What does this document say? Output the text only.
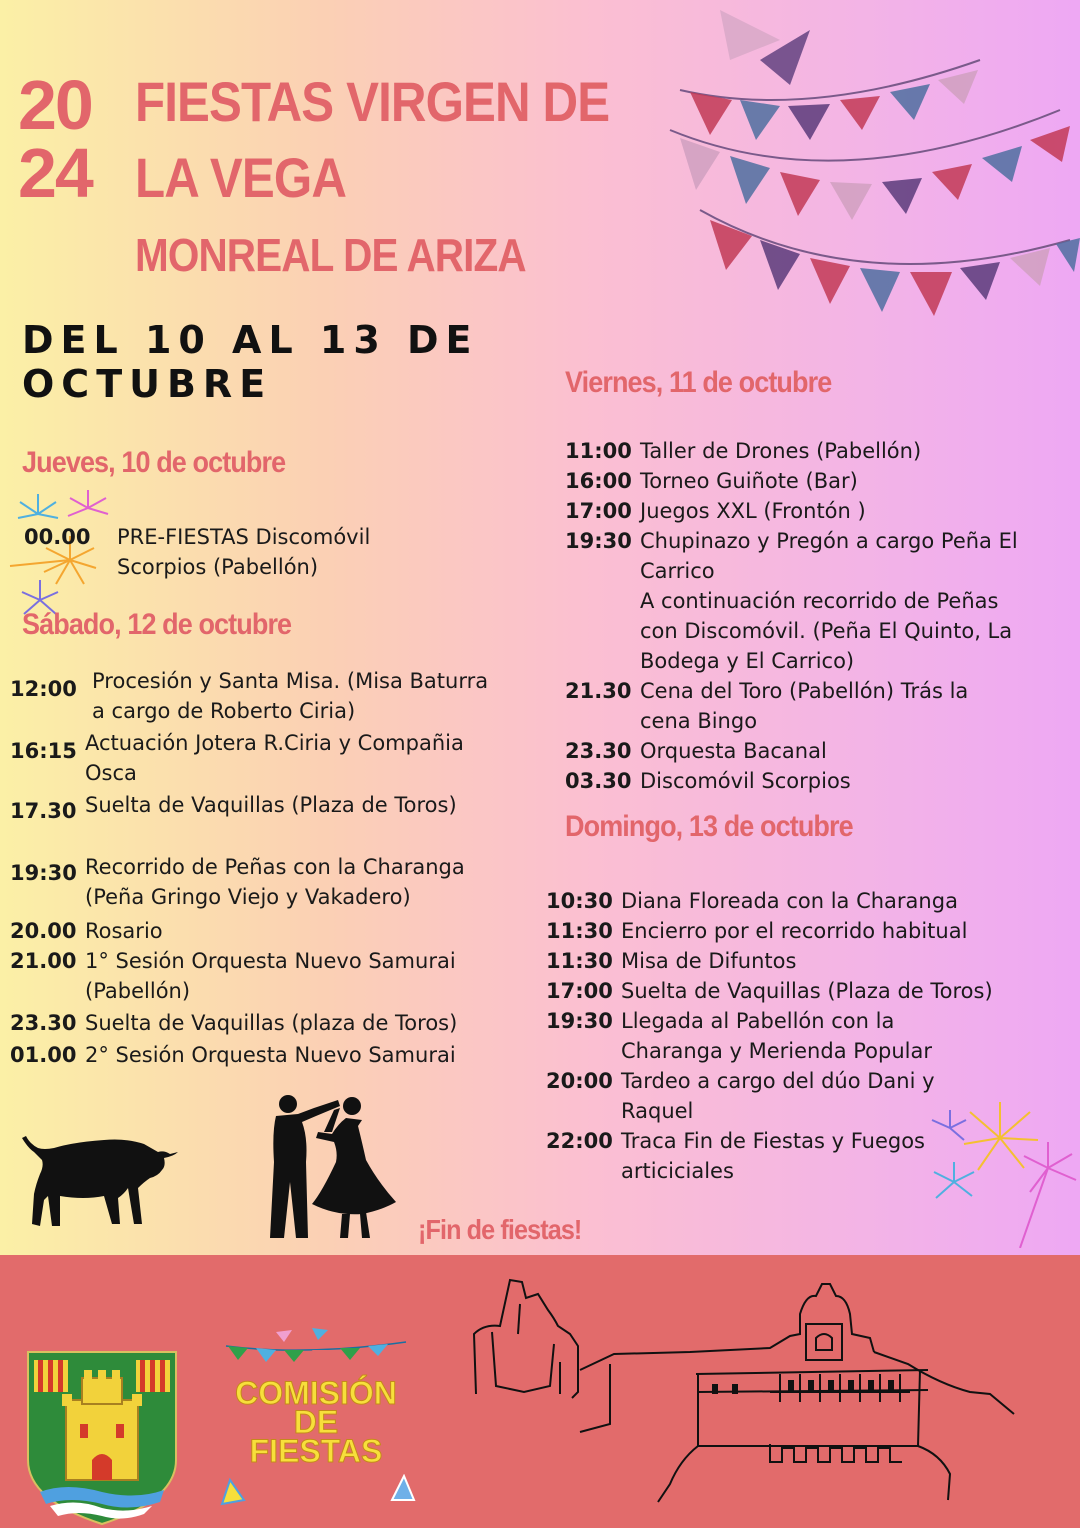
20
24
FIESTAS VIRGEN DE
LA VEGA
MONREAL DE ARIZA
DEL 10 AL 13 DE
OCTUBRE
Jueves, 10 de octubre
00.00	PRE-FIESTAS Discomóvil
Scorpios (Pabellón)
Sábado, 12 de octubre
12:00 Procesión y Santa Misa. (Misa Baturra
a cargo de Roberto Ciria)
16:15 Actuación Jotera R.Ciria y Compañia
Osca
17.30 Suelta de Vaquillas (Plaza de Toros)
19:30 Recorrido de Peñas con la Charanga
(Peña Gringo Viejo y Vakadero)
20.00 Rosario
21.00 1° Sesión Orquesta Nuevo Samurai
(Pabellón)
23.30 Suelta de Vaquillas (plaza de Toros)
01.00 2° Sesión Orquesta Nuevo Samurai
Viernes, 11 de octubre
11:00 Taller de Drones (Pabellón)
16:00 Torneo Guiñote (Bar)
17:00 Juegos XXL (Frontón )
19:30 Chupinazo y Pregón a cargo Peña El
Carrico
A continuación recorrido de Peñas
con Discomóvil. (Peña El Quinto, La
Bodega y El Carrico)
21.30 Cena del Toro (Pabellón) Trás la
cena Bingo
23.30 Orquesta Bacanal
03.30 Discomóvil Scorpios
Domingo, 13 de octubre
10:30 Diana Floreada con la Charanga
11:30 Encierro por el recorrido habitual
11:30 Misa de Difuntos
17:00 Suelta de Vaquillas (Plaza de Toros)
19:30 Llegada al Pabellón con la
Charanga y Merienda Popular
20:00 Tardeo a cargo del dúo Dani y
Raquel
22:00 Traca Fin de Fiestas y Fuegos
articiciales
¡Fin de fiestas!
COMISIÓN
DE
FIESTAS
